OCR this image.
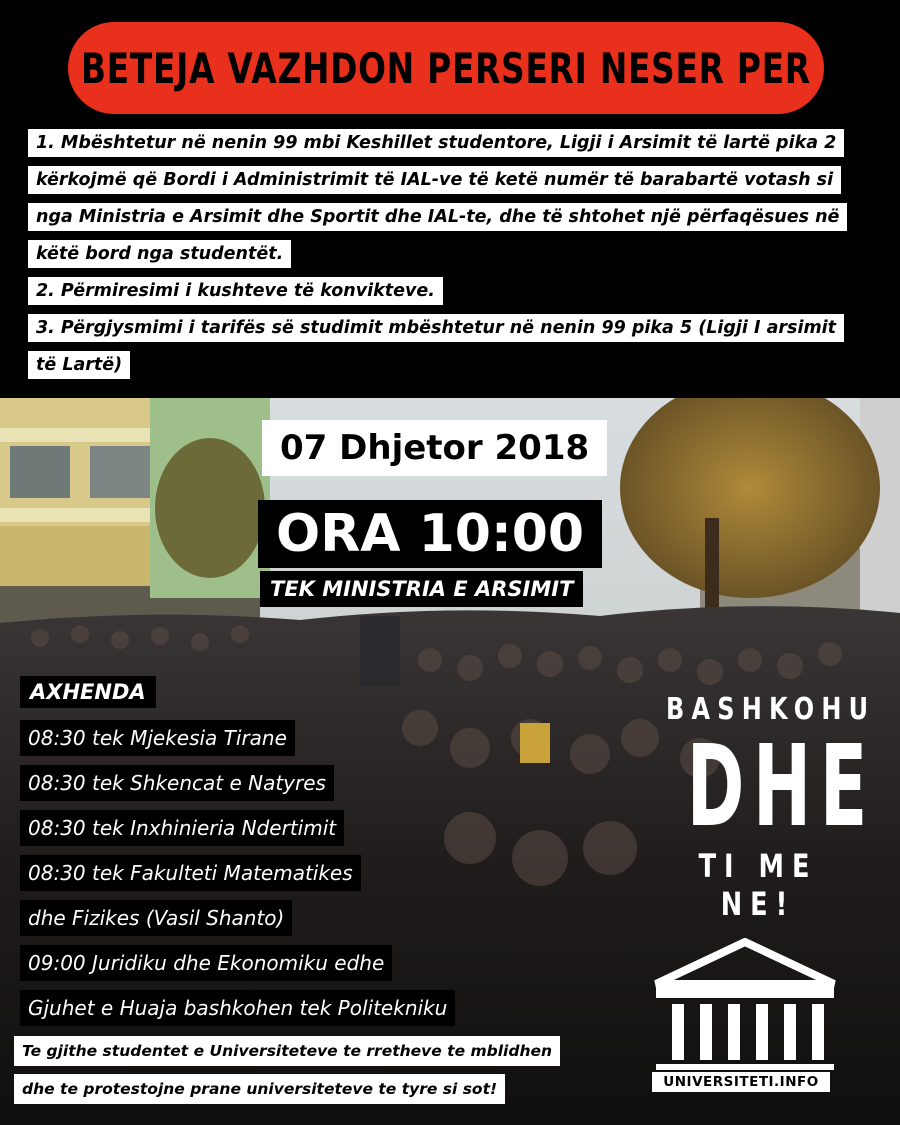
BETEJA VAZHDON PERSERI NESER PER
1. Mbështetur në nenin 99 mbi Keshillet studentore, Ligji i Arsimit të lartë pika 2
kërkojmë që Bordi i Administrimit të IAL-ve të ketë numër të barabartë votash si
nga Ministria e Arsimit dhe Sportit dhe IAL-te, dhe të shtohet një përfaqësues në
këtë bord nga studentët.
2. Përmiresimi i kushteve të konvikteve.
3. Përgjysmimi i tarifës së studimit mbështetur në nenin 99 pika 5 (Ligji I arsimit
të Lartë)
07 Dhjetor 2018
ORA 10:00
TEK MINISTRIA E ARSIMIT
AXHENDA
08:30 tek Mjekesia Tirane
08:30 tek Shkencat e Natyres
08:30 tek Inxhinieria Ndertimit
08:30 tek Fakulteti Matematikes
dhe Fizikes (Vasil Shanto)
09:00 Juridiku dhe Ekonomiku edhe
Gjuhet e Huaja bashkohen tek Politekniku
Te gjithe studentet e Universiteteve te rretheve te mblidhen
dhe te protestojne prane universiteteve te tyre si sot!
BASHKOHU
DHE
TI ME NE!
UNIVERSITETI.INFO
